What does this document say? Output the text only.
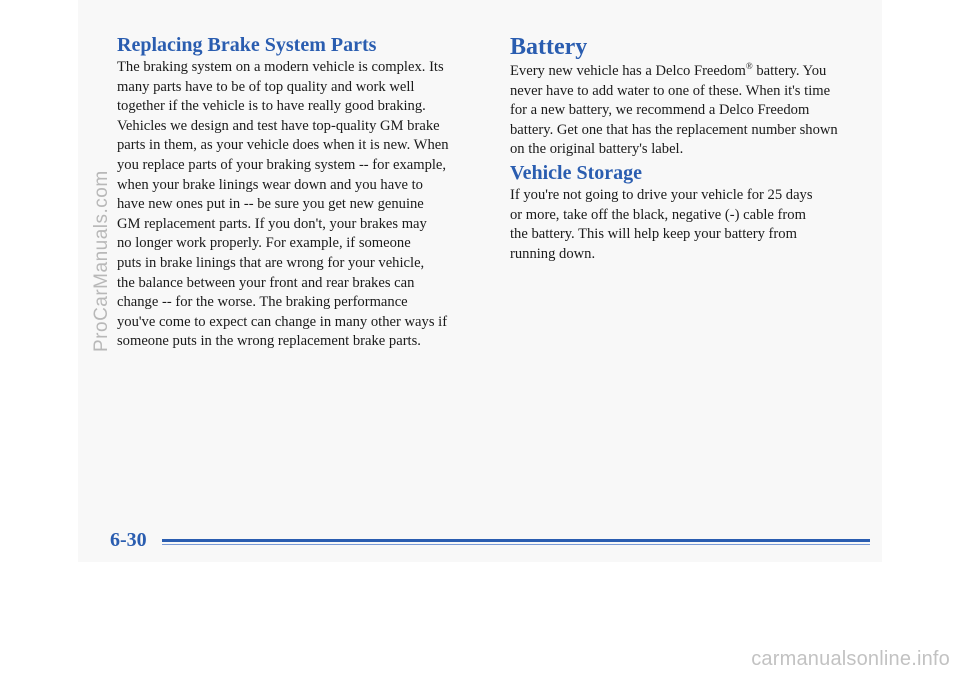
Replacing Brake System Parts

The braking system on a modern vehicle is complex. Its
many parts have to be of top quality and work well
together if the vehicle is to have really good braking.
Vehicles we design and test have top-quality GM brake
parts in them, as your vehicle does when it is new. When
you replace parts of your braking system -- for example,
when your brake linings wear down and you have to
have new ones put in -- be sure you get new genuine
GM replacement parts. If you don't, your brakes may
no longer work properly. For example, if someone
puts in brake linings that are wrong for your vehicle,
the balance between your front and rear brakes can
change -- for the worse. The braking performance
you've come to expect can change in many other ways if
someone puts in the wrong replacement brake parts.

Battery

Every new vehicle has a Delco Freedom® battery. You
never have to add water to one of these. When it's time
for a new battery, we recommend a Delco Freedom
battery. Get one that has the replacement number shown
on the original battery's label.

Vehicle Storage

If you're not going to drive your vehicle for 25 days
or more, take off the black, negative (-) cable from
the battery. This will help keep your battery from
running down.

6-30
ProCarManuals.com
carmanualsonline.info
